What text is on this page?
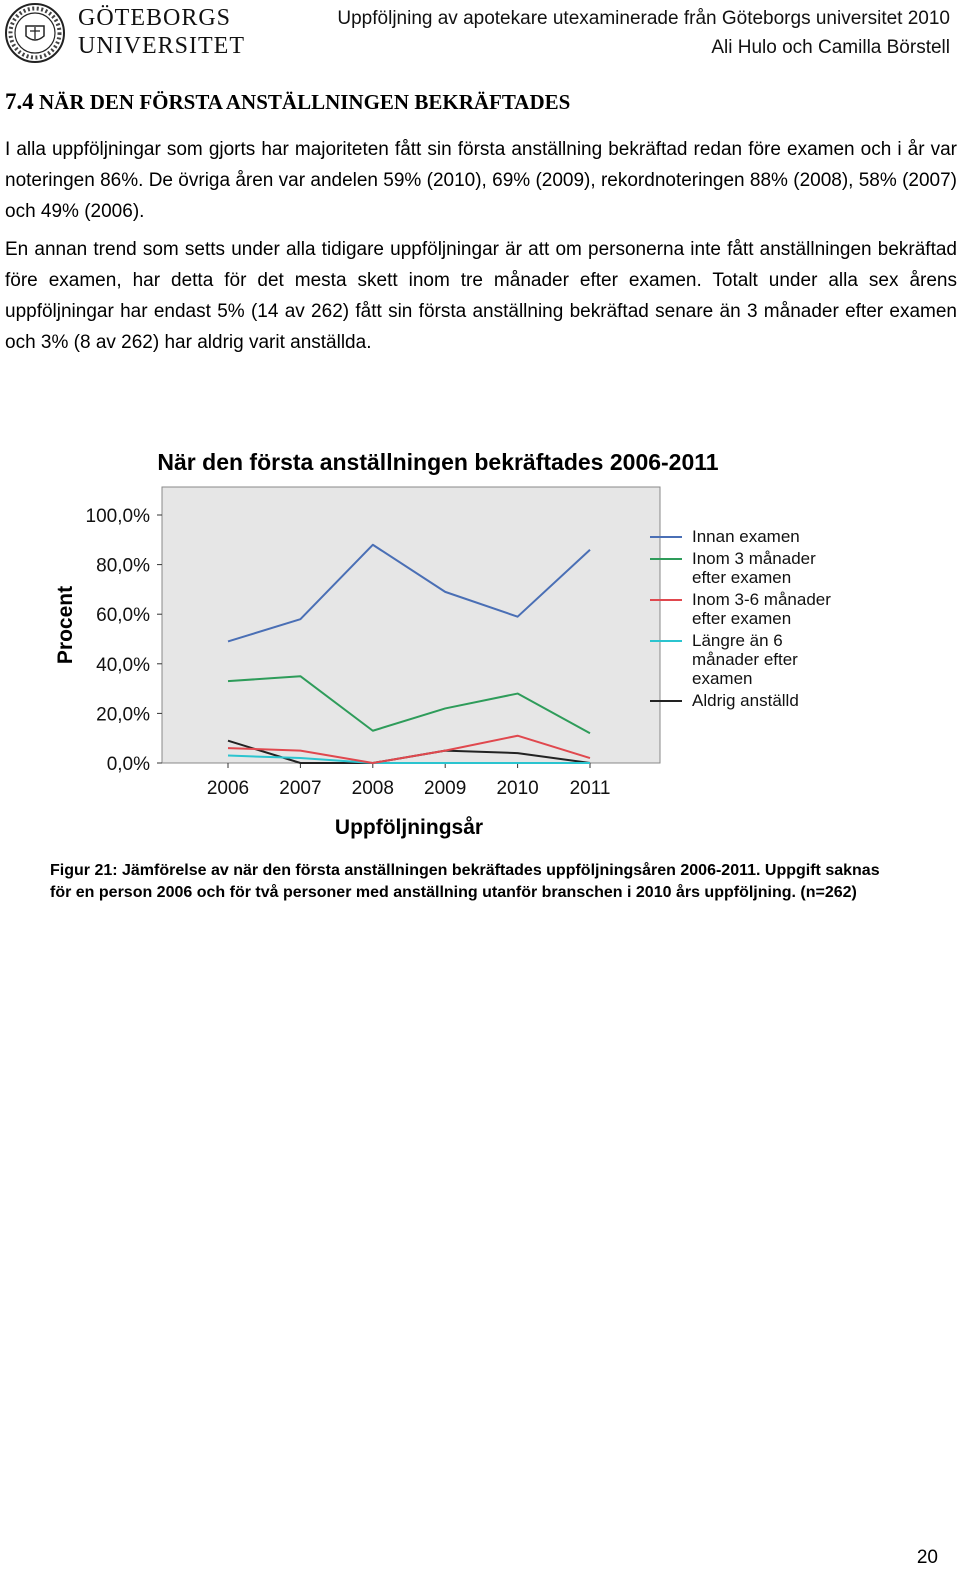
GÖTEBORGS
UNIVERSITET
Uppföljning av apotekare utexaminerade från Göteborgs universitet 2010
Ali Hulo och Camilla Börstell
7.4 NÄR DEN FÖRSTA ANSTÄLLNINGEN BEKRÄFTADES

I alla uppföljningar som gjorts har majoriteten fått sin första anställning bekräftad redan före examen och i år var noteringen 86%. De övriga åren var andelen 59% (2010), 69% (2009), rekordnoteringen 88% (2008), 58% (2007) och 49% (2006).

En annan trend som setts under alla tidigare uppföljningar är att om personerna inte fått anställningen bekräftad före examen, har detta för det mesta skett inom tre månader efter examen. Totalt under alla sex årens uppföljningar har endast 5% (14 av 262) fått sin första anställning bekräftad senare än 3 månader efter examen och 3% (8 av 262) har aldrig varit anställda.

När den första anställningen bekräftades 2006-2011
0,0%
20,0%
40,0%
60,0%
80,0%
100,0%
2006 2007 2008 2009 2010 2011
Innan examen
Inom 3 månader
efter examen
Inom 3-6 månader
efter examen
Längre än 6
månader efter
examen
Aldrig anställd
Procent
Uppföljningsår
Figur 21: Jämförelse av när den första anställningen bekräftades uppföljningsåren 2006-2011. Uppgift saknas för en person 2006 och för två personer med anställning utanför branschen i 2010 års uppföljning. (n=262)
20
